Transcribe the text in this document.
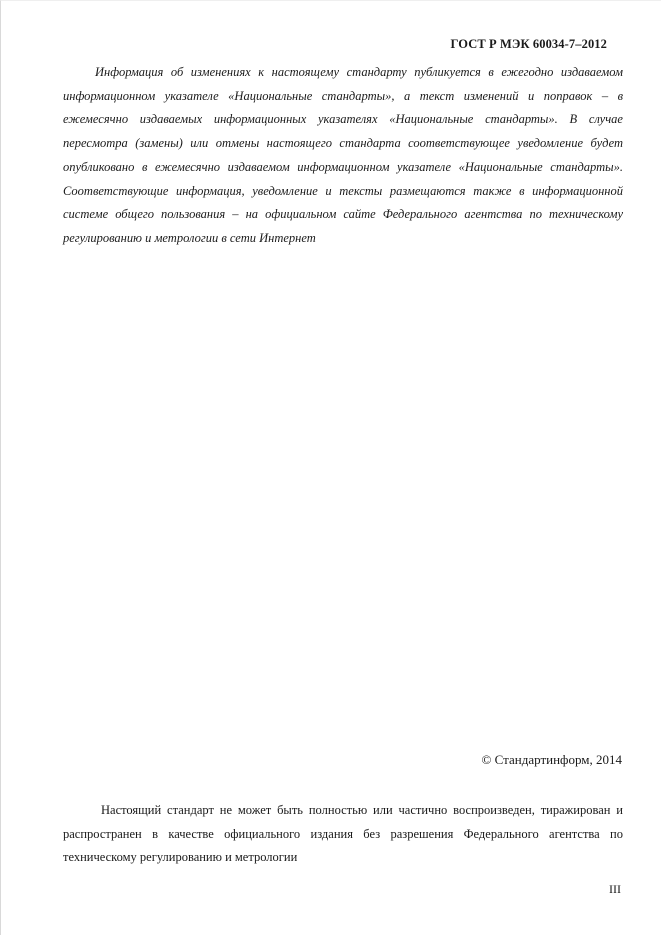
ГОСТ Р МЭК 60034-7–2012

Информация об изменениях к настоящему стандарту публикуется в ежегодно издаваемом информационном указателе «Национальные стандарты», а текст изменений и поправок – в ежемесячно издаваемых информационных указателях «Национальные стандарты». В случае пересмотра (замены) или отмены настоящего стандарта соответствующее уведомление будет опубликовано в ежемесячно издаваемом информационном указателе «Национальные стандарты». Соответствующие информация, уведомление и тексты размещаются также в информационной системе общего пользования – на официальном сайте Федерального агентства по техническому регулированию и метрологии в сети Интернет

© Стандартинформ, 2014

Настоящий стандарт не может быть полностью или частично воспроизведен, тиражирован и распространен в качестве официального издания без разрешения Федерального агентства по техническому регулированию и метрологии

III
